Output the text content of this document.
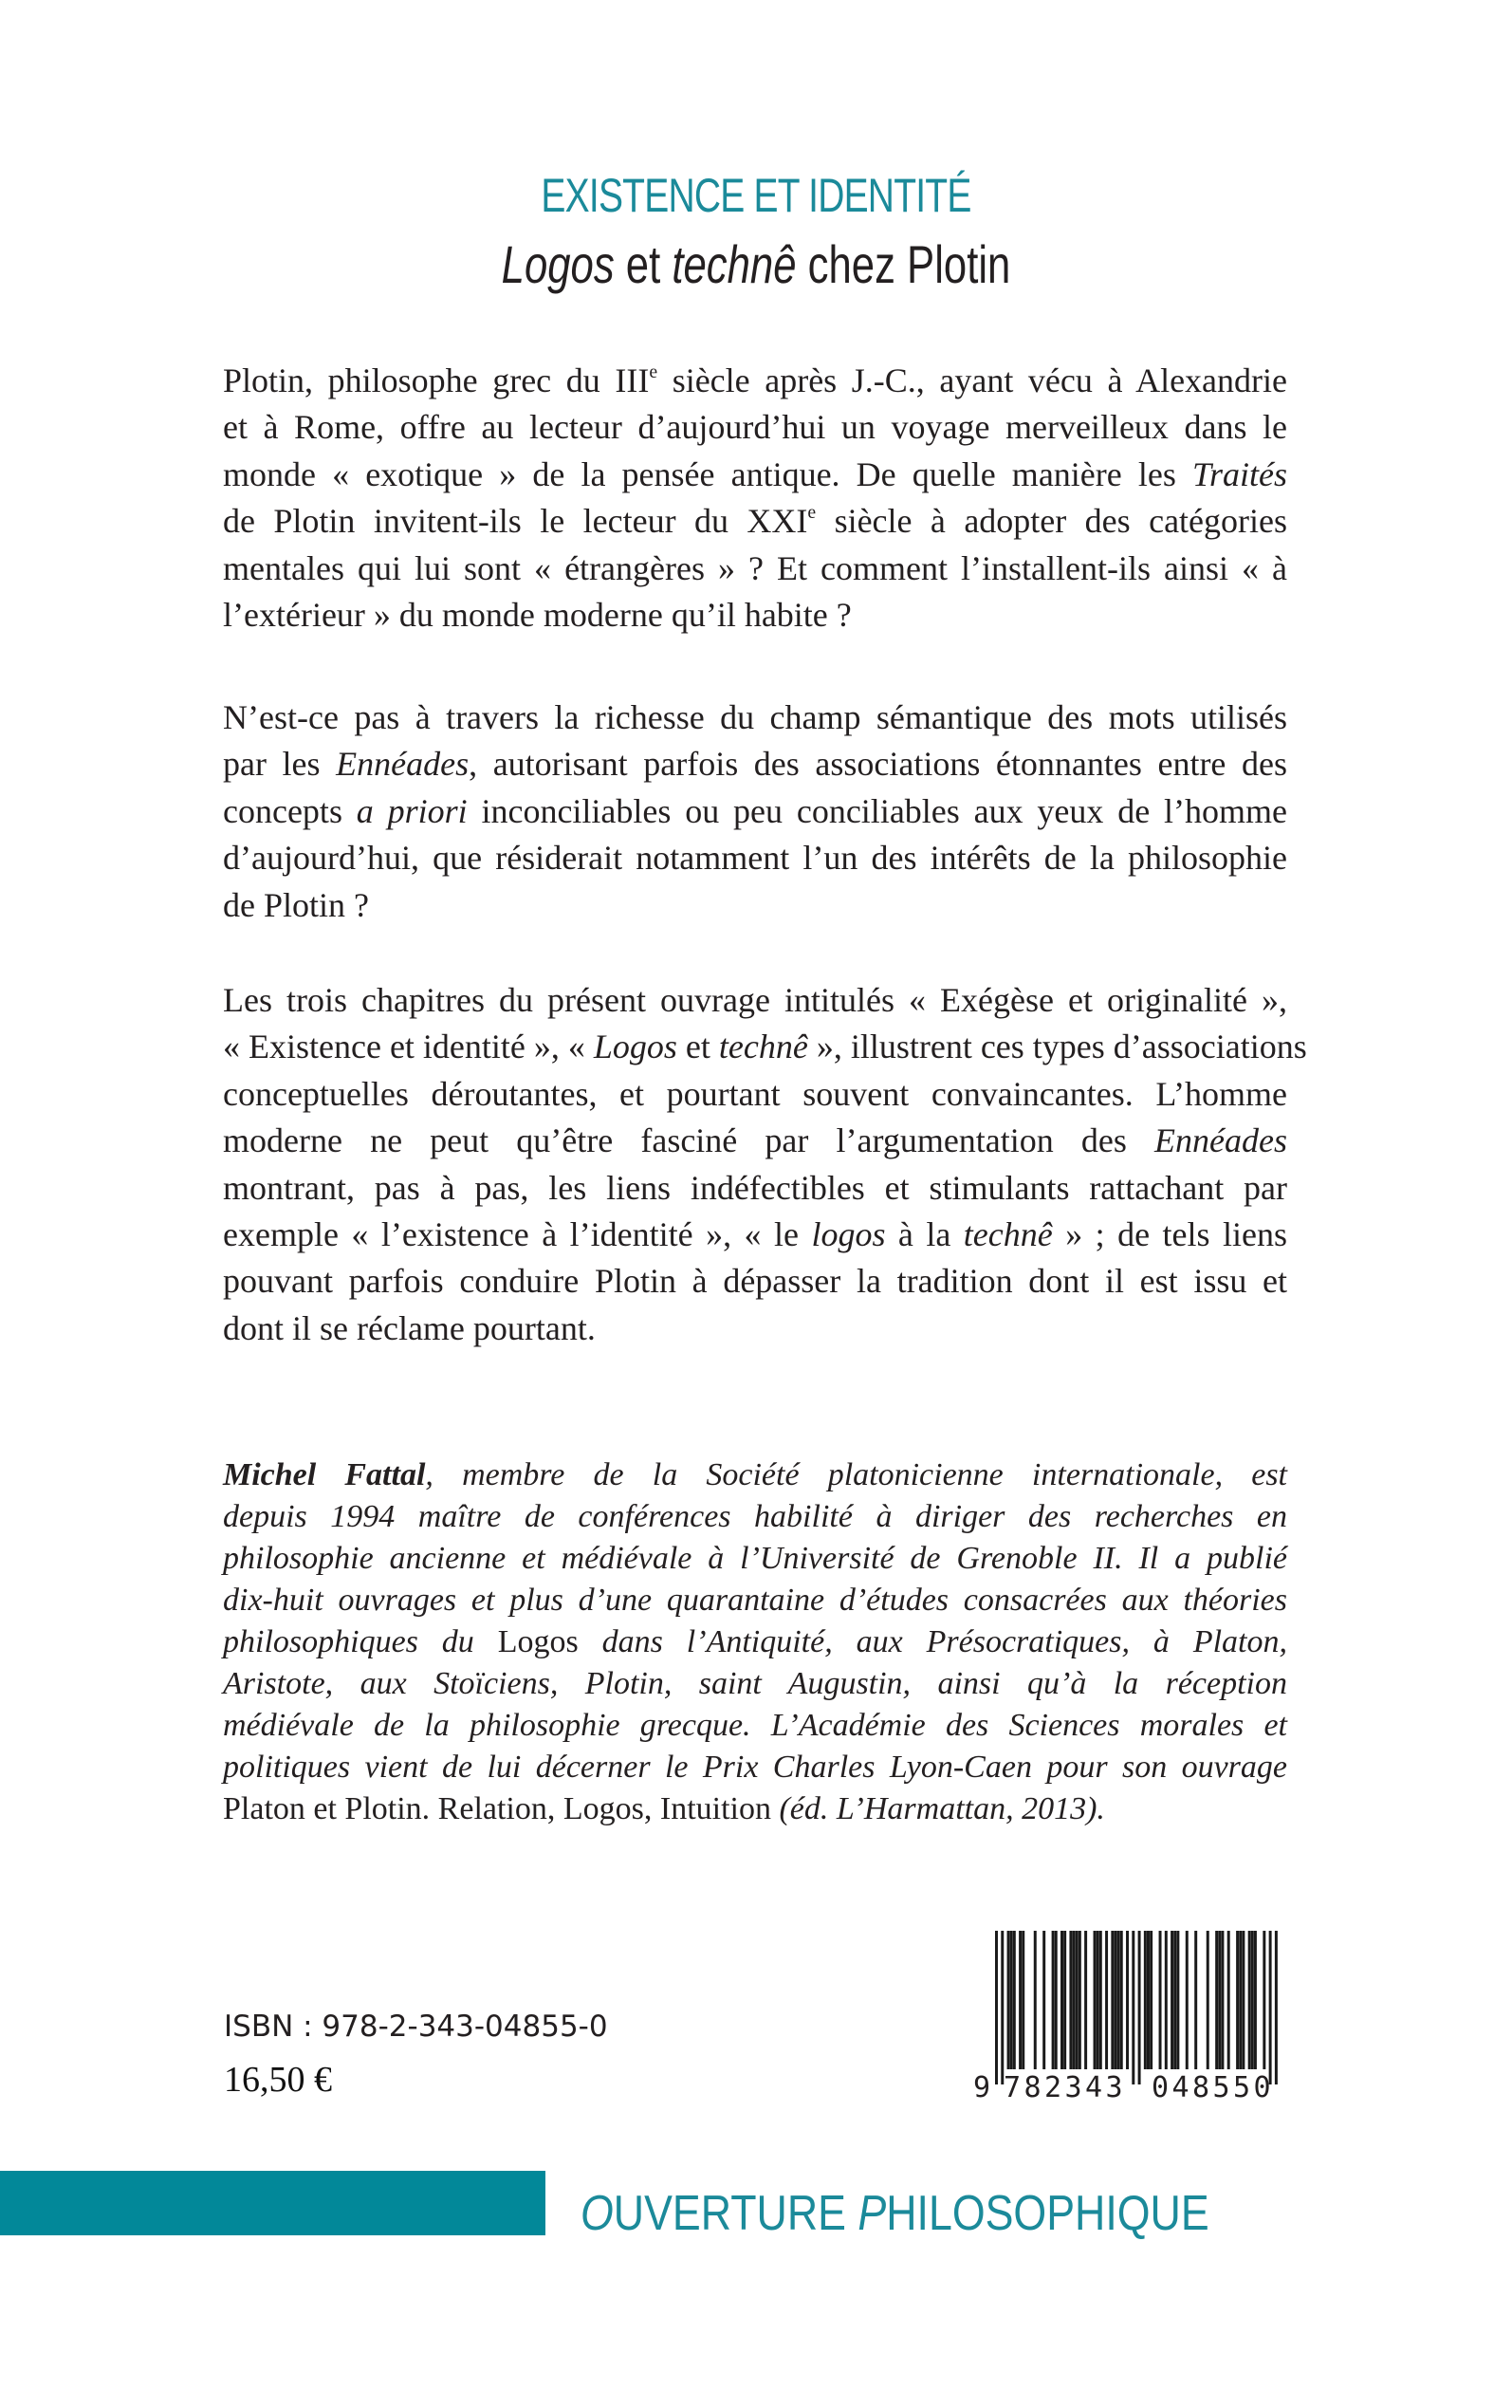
EXISTENCE ET IDENTITÉ
Logos et technê chez Plotin
Plotin, philosophe grec du IIIe siècle après J.-C., ayant vécu à Alexandrie
et à Rome, offre au lecteur d’aujourd’hui un voyage merveilleux dans le
monde « exotique » de la pensée antique. De quelle manière les Traités
de Plotin invitent-ils le lecteur du XXIe siècle à adopter des catégories
mentales qui lui sont « étrangères » ? Et comment l’installent-ils ainsi « à
l’extérieur » du monde moderne qu’il habite ?
N’est-ce pas à travers la richesse du champ sémantique des mots utilisés
par les Ennéades, autorisant parfois des associations étonnantes entre des
concepts a priori inconciliables ou peu conciliables aux yeux de l’homme
d’aujourd’hui, que résiderait notamment l’un des intérêts de la philosophie
de Plotin ?
Les trois chapitres du présent ouvrage intitulés « Exégèse et originalité »,
« Existence et identité », « Logos et technê », illustrent ces types d’associations
conceptuelles déroutantes, et pourtant souvent convaincantes. L’homme
moderne ne peut qu’être fasciné par l’argumentation des Ennéades
montrant, pas à pas, les liens indéfectibles et stimulants rattachant par
exemple « l’existence à l’identité », « le logos à la technê » ; de tels liens
pouvant parfois conduire Plotin à dépasser la tradition dont il est issu et
dont il se réclame pourtant.
Michel Fattal, membre de la Société platonicienne internationale, est
depuis 1994 maître de conférences habilité à diriger des recherches en
philosophie ancienne et médiévale à l’Université de Grenoble II. Il a publié
dix-huit ouvrages et plus d’une quarantaine d’études consacrées aux théories
philosophiques du Logos dans l’Antiquité, aux Présocratiques, à Platon,
Aristote, aux Stoïciens, Plotin, saint Augustin, ainsi qu’à la réception
médiévale de la philosophie grecque. L’Académie des Sciences morales et
politiques vient de lui décerner le Prix Charles Lyon-Caen pour son ouvrage
Platon et Plotin. Relation, Logos, Intuition (éd. L’Harmattan, 2013).
ISBN : 978-2-343-04855-0
16,50 €	9 7 8 2 3 4 3 0 4 8 5 5 0
OUVERTURE PHILOSOPHIQUE
